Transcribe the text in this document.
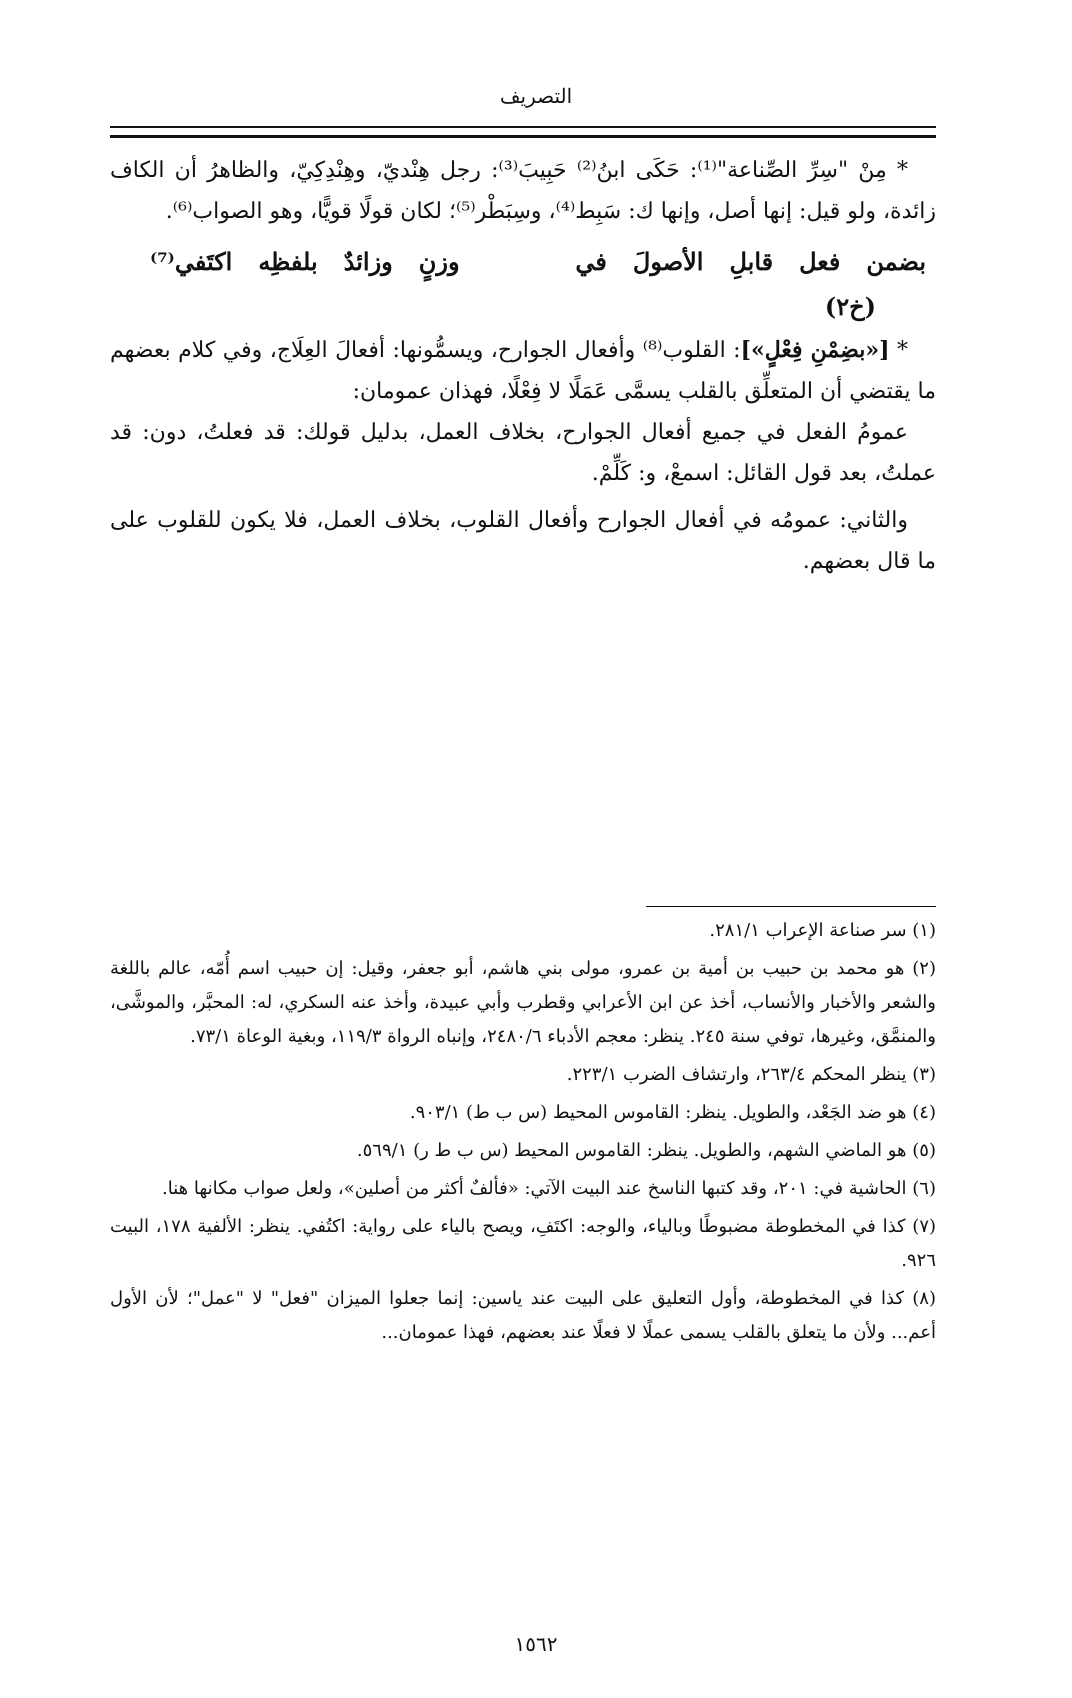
التصريف

* مِنْ "سِرِّ الصِّناعة"⁽¹⁾: حَكَى ابنُ⁽²⁾ حَبِيبَ⁽³⁾: رجل هِنْديّ، وهِنْدِكِيّ، والظاهرُ أن الكاف زائدة، ولو قيل: إنها أصل، وإنها ك: سَبِط⁽⁴⁾، وسِبَطْر⁽⁵⁾؛ لكان قولًا قويًّا، وهو الصواب⁽⁶⁾.

بضمن
فعل
قابلِ
الأصولَ
في
وزنٍ
وزائدٌ
بلفظِه
اكتَفي⁽⁷⁾
(خ٢)

* [«بضِمْنِ فِعْلٍ»]: القلوب⁽⁸⁾ وأفعال الجوارح، ويسمُّونها: أفعالَ العِلَاج، وفي كلام بعضهم ما يقتضي أن المتعلِّق بالقلب يسمَّى عَمَلًا لا فِعْلًا، فهذان عمومان:

عمومُ الفعل في جميع أفعال الجوارح، بخلاف العمل، بدليل قولك: قد فعلتُ، دون: قد عملتُ، بعد قول القائل: اسمعْ، و: كَلِّمْ.

والثاني: عمومُه في أفعال الجوارح وأفعال القلوب، بخلاف العمل، فلا يكون للقلوب على ما قال بعضهم.

(١) سر صناعة الإعراب ٢٨١/١.

(٢) هو محمد بن حبيب بن أمية بن عمرو، مولى بني هاشم، أبو جعفر، وقيل: إن حبيب اسم أُمّه، عالم باللغة والشعر والأخبار والأنساب، أخذ عن ابن الأعرابي وقطرب وأبي عبيدة، وأخذ عنه السكري، له: المحبَّر، والموشَّى، والمنمَّق، وغيرها، توفي سنة ٢٤٥. ينظر: معجم الأدباء ٢٤٨٠/٦، وإنباه الرواة ١١٩/٣، وبغية الوعاة ٧٣/١.

(٣) ينظر المحكم ٢٦٣/٤، وارتشاف الضرب ٢٢٣/١.

(٤) هو ضد الجَعْد، والطويل. ينظر: القاموس المحيط (س ب ط) ٩٠٣/١.

(٥) هو الماضي الشهم، والطويل. ينظر: القاموس المحيط (س ب ط ر) ٥٦٩/١.

(٦) الحاشية في: ٢٠١، وقد كتبها الناسخ عند البيت الآتي: «فألفٌ أكثر من أصلين»، ولعل صواب مكانها هنا.

(٧) كذا في المخطوطة مضبوطًا وبالياء، والوجه: اكتَفِ، ويصح بالياء على رواية: اكتُفي. ينظر: الألفية ١٧٨، البيت ٩٢٦.

(٨) كذا في المخطوطة، وأول التعليق على البيت عند ياسين: إنما جعلوا الميزان "فعل" لا "عمل"؛ لأن الأول أعم... ولأن ما يتعلق بالقلب يسمى عملًا لا فعلًا عند بعضهم، فهذا عمومان...

١٥٦٢
